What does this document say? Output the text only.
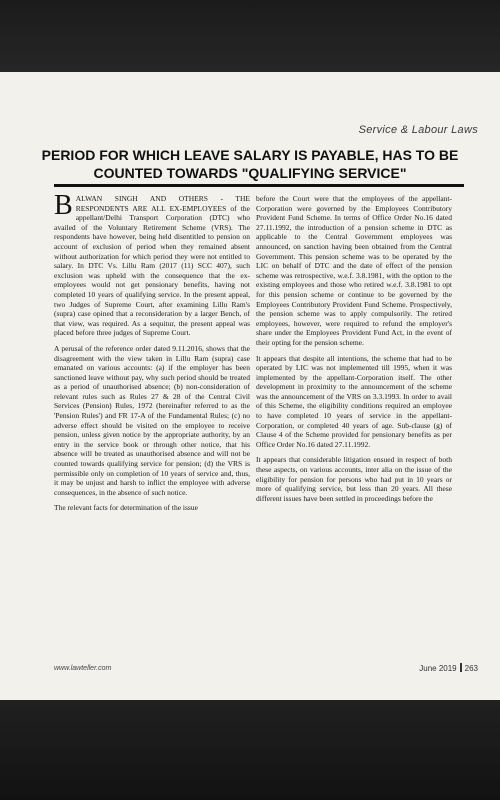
Service & Labour Laws
PERIOD FOR WHICH LEAVE SALARY IS PAYABLE, HAS TO BE COUNTED TOWARDS "QUALIFYING SERVICE"

BALWAN SINGH AND OTHERS - THE RESPONDENTS ARE ALL EX-EMPLOYEES of the appellant/Delhi Transport Corporation (DTC) who availed of the Voluntary Retirement Scheme (VRS). The respondents have however, being held disentitled to pension on account of exclusion of period when they remained absent without authorization for which period they were not entitled to salary. In DTC Vs. Lillu Ram (2017 (11) SCC 407), such exclusion was upheld with the consequence that the ex-employees would not get pensionary benefits, having not completed 10 years of qualifying service. In the present appeal, two Judges of Supreme Court, after examining Lillu Ram's (supra) case opined that a reconsideration by a larger Bench, of that view, was required. As a sequitur, the present appeal was placed before three judges of Supreme Court.

A perusal of the reference order dated 9.11.2016, shows that the disagreement with the view taken in Lillu Ram (supra) case emanated on various accounts: (a) if the employer has been sanctioned leave without pay, why such period should be treated as a period of unauthorised absence; (b) non-consideration of relevant rules such as Rules 27 & 28 of the Central Civil Services (Pension) Rules, 1972 (hereinafter referred to as the 'Pension Rules') and FR 17-A of the Fundamental Rules; (c) no adverse effect should be visited on the employee to receive pension, unless given notice by the appropriate authority, by an entry in the service book or through other notice, that his absence will be treated as unauthorised absence and will not be counted towards qualifying service for pension; (d) the VRS is permissible only on completion of 10 years of service and, thus, it may be unjust and harsh to inflict the employee with adverse consequences, in the absence of such notice.

The relevant facts for determination of the issue

before the Court were that the employees of the appellant-Corporation were governed by the Employees Contributory Provident Fund Scheme. In terms of Office Order No.16 dated 27.11.1992, the introduction of a pension scheme in DTC as applicable to the Central Government employees was announced, on sanction having been obtained from the Central Government. This pension scheme was to be operated by the LIC on behalf of DTC and the date of effect of the pension scheme was retrospective, w.e.f. 3.8.1981, with the option to the existing employees and those who retired w.e.f. 3.8.1981 to opt for this pension scheme or continue to be governed by the Employees Contributory Provident Fund Scheme. Prospectively, the pension scheme was to apply compulsorily. The retired employees, however, were required to refund the employer's share under the Employees Provident Fund Act, in the event of their opting for the pension scheme.

It appears that despite all intentions, the scheme that had to be operated by LIC was not implemented till 1995, when it was implemented by the appellant-Corporation itself. The other development in proximity to the announcement of the scheme was the announcement of the VRS on 3.3.1993. In order to avail of this Scheme, the eligibility conditions required an employee to have completed 10 years of service in the appellant-Corporation, or completed 40 years of age. Sub-clause (g) of Clause 4 of the Scheme provided for pensionary benefits as per Office Order No.16 dated 27.11.1992.

It appears that considerable litigation ensued in respect of both these aspects, on various accounts, inter alia on the issue of the eligibility for pension for persons who had put in 10 years or more of qualifying service, but less than 20 years. All these different issues have been settled in proceedings before the

www.lawteller.com	June 2019 263
